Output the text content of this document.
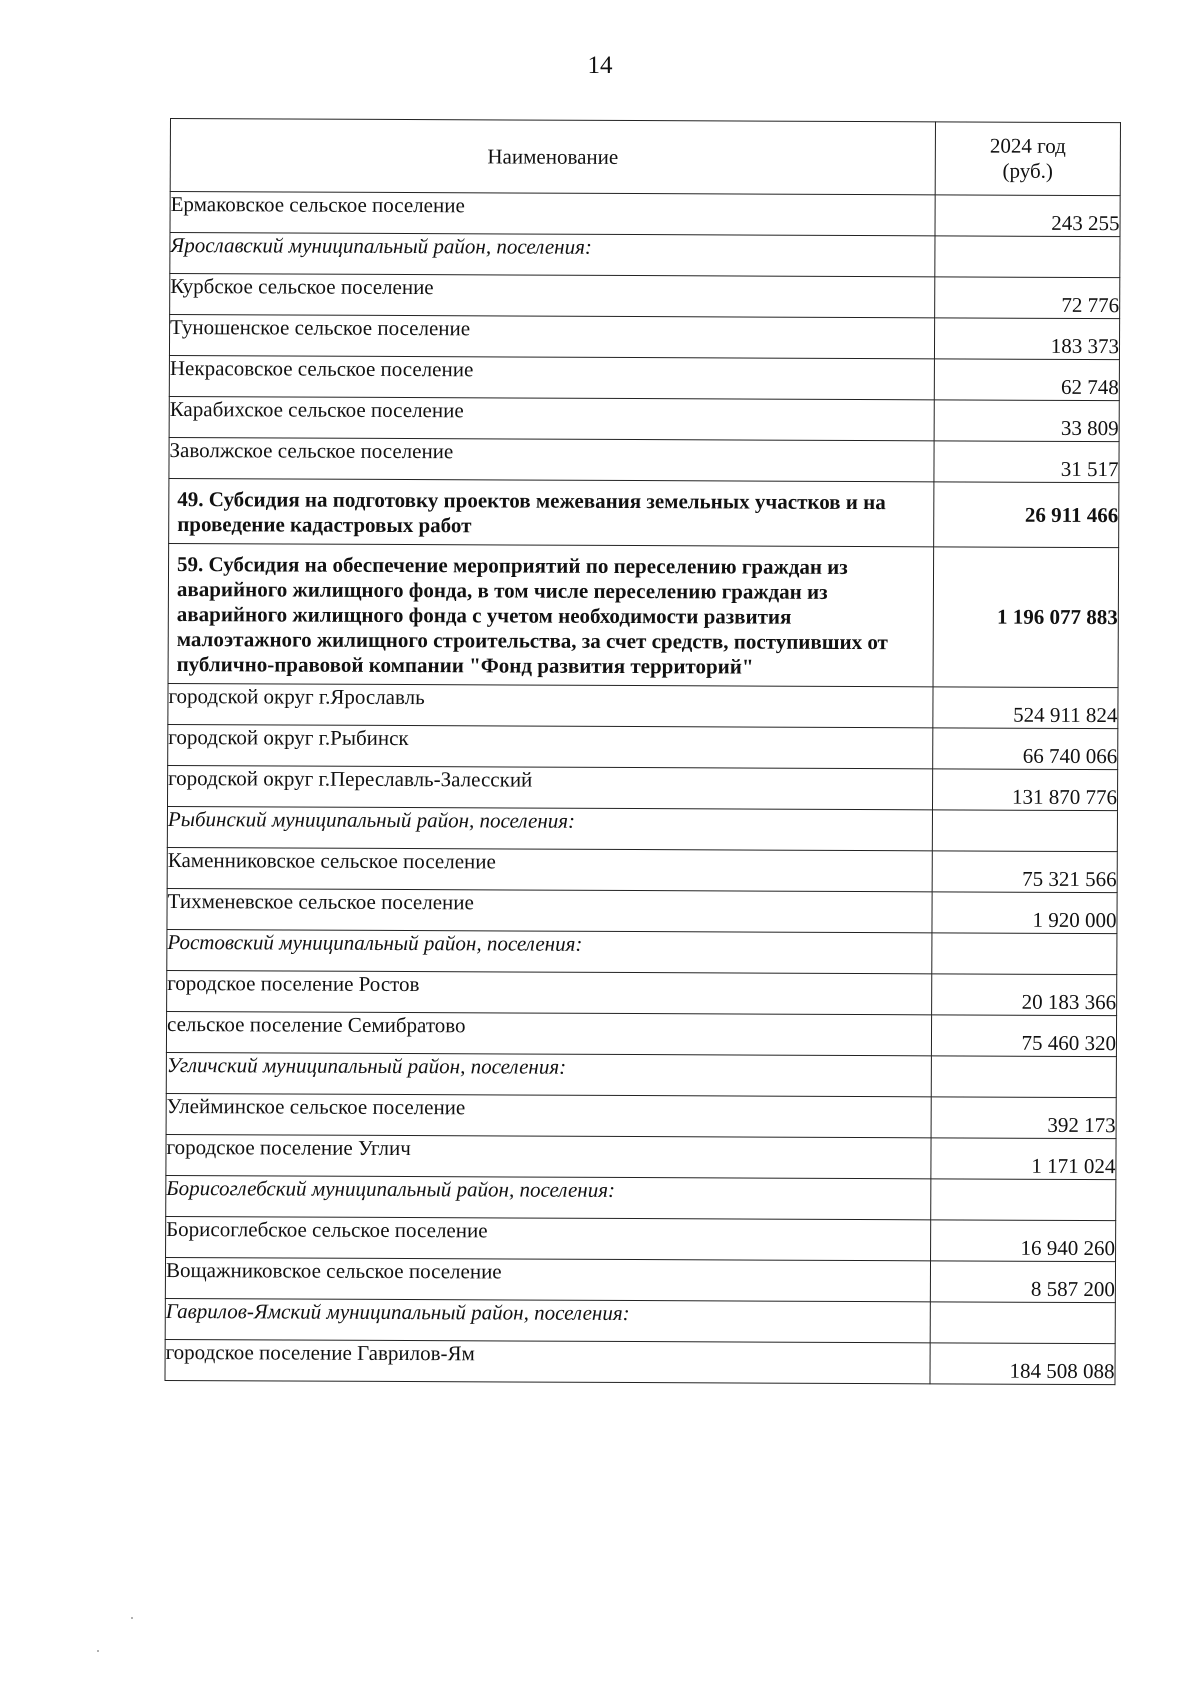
14
Наименование	2024 год
(руб.)
Ермаковское сельское поселение	243 255
Ярославский муниципальный район, поселения:	
Курбское сельское поселение	72 776
Туношенское сельское поселение	183 373
Некрасовское сельское поселение	62 748
Карабихское сельское поселение	33 809
Заволжское сельское поселение	31 517
49. Субсидия на подготовку проектов межевания земельных участков и на проведение кадастровых работ	26 911 466
59. Субсидия на обеспечение мероприятий по переселению граждан из аварийного жилищного фонда, в том числе переселению граждан из аварийного жилищного фонда с учетом необходимости развития малоэтажного жилищного строительства, за счет средств, поступивших от публично-правовой компании "Фонд развития территорий"	1 196 077 883
городской округ г.Ярославль	524 911 824
городской округ г.Рыбинск	66 740 066
городской округ г.Переславль-Залесский	131 870 776
Рыбинский муниципальный район, поселения:	
Каменниковское сельское поселение	75 321 566
Тихменевское сельское поселение	1 920 000
Ростовский муниципальный район, поселения:	
городское поселение Ростов	20 183 366
сельское поселение Семибратово	75 460 320
Угличский муниципальный район, поселения:	
Улейминское сельское поселение	392 173
городское поселение Углич	1 171 024
Борисоглебский муниципальный район, поселения:	
Борисоглебское сельское поселение	16 940 260
Вощажниковское сельское поселение	8 587 200
Гаврилов-Ямский муниципальный район, поселения:	
городское поселение Гаврилов-Ям	184 508 088
